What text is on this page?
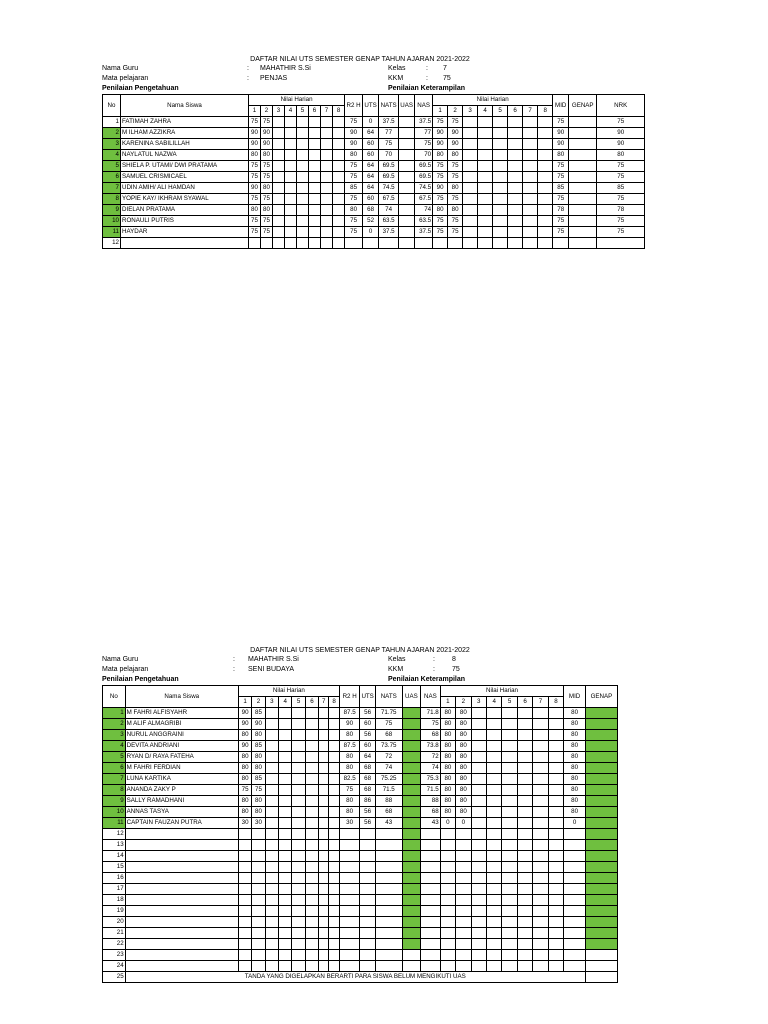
DAFTAR NILAI UTS SEMESTER GENAP TAHUN AJARAN 2021-2022
Nama Guru	: MAHATHIR S.Si	Kelas	: 7
Mata pelajaran	: PENJAS	KKM	: 75
Penilaian Pengetahuan	Penilaian Keterampilan
No	Nama Siswa	Nilai Harian								R2 H	UTS	NATS	UAS	NAS	Nilai Harian								MID	GENAP	NRK
		1	2	3	4	5	6	7	8						1	2	3	4	5	6	7	8			
1	FATIMAH ZAHRA	75	75							75	0	37.5		37.5	75	75							75		75
2	M ILHAM AZZIKRA	90	90							90	64	77		77	90	90							90		90
3	KARENINA SABILILLAH	90	90							90	60	75		75	90	90							90		90
4	NAYLATUL NAZWA	80	80							80	60	70		70	80	80							80		80
5	SHIELA P. UTAMI/ DWI PRATAMA	75	75							75	64	69.5		69.5	75	75							75		75
6	SAMUEL CRISMICAEL	75	75							75	64	69.5		69.5	75	75							75		75
7	UDIN AMIH/ ALI HAMDAN	90	80							85	64	74.5		74.5	90	80							85		85
8	YOPIE KAY/ IKHRAM SYAWAL	75	75							75	60	67.5		67.5	75	75							75		75
9	DIELAN PRATAMA	80	80							80	68	74		74	80	80							78		78
10	RONAULI PUTRIS	75	75							75	52	63.5		63.5	75	75							75		75
11	HAYDAR	75	75							75	0	37.5		37.5	75	75							75		75
12																									
DAFTAR NILAI UTS SEMESTER GENAP TAHUN AJARAN 2021-2022
Nama Guru	: MAHATHIR S.Si	Kelas	: 8
Mata pelajaran	: SENI BUDAYA	KKM	: 75
Penilaian Pengetahuan	Penilaian Keterampilan
No	Nama Siswa	Nilai Harian								R2 H	UTS	NATS	UAS	NAS	Nilai Harian								MID	GENAP
		1	2	3	4	5	6	7	8						1	2	3	4	5	6	7	8		
1	M FAHRI ALFISYAHR	90	85							87.5	56	71.75		71.8	80	80							80	
2	M ALIF ALMAGRIBI	90	90							90	60	75		75	80	80							80	
3	NURUL ANGGRAINI	80	80							80	56	68		68	80	80							80	
4	DEVITA ANDRIANI	90	85							87.5	60	73.75		73.8	80	80							80	
5	RYAN D/ RAYA FATEHA	80	80							80	64	72		72	80	80							80	
6	M FAHRI FERDIAN	80	80							80	68	74		74	80	80							80	
7	LUNA KARTIKA	80	85							82.5	68	75.25		75.3	80	80							80	
8	ANANDA ZAKY P	75	75							75	68	71.5		71.5	80	80							80	
9	SALLY RAMADHANI	80	80							80	86	88		88	80	80							80	
10	ANNAS TASYA	80	80							80	56	68		68	80	80							80	
11	CAPTAIN FAUZAN PUTRA	30	30							30	56	43		43	0	0							0	
12																								
13																								
14																								
15																								
16																								
17																								
18																								
19																								
20																								
21																								
22																								
23																								
24																								
25	TANDA YANG DIGELAPKAN BERARTI PARA SISWA BELUM MENGIKUTI UAS																							
